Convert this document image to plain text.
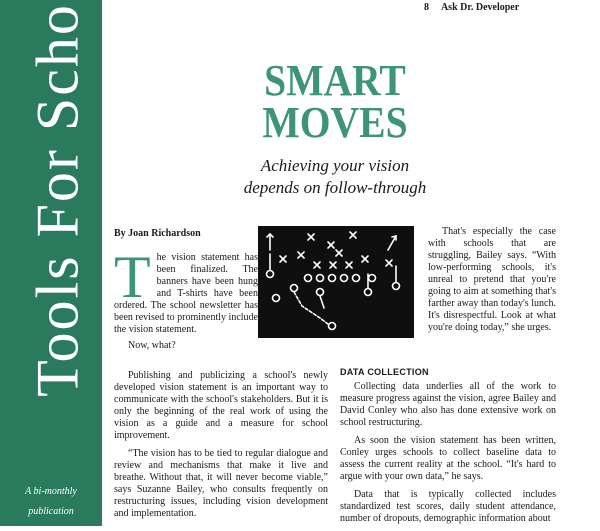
Tools For Scho
A bi-monthly
publication
8 Ask Dr. Developer
SMART
MOVES
Achieving your vision
depends on follow-through
By Joan Richardson

The vision statement has been finalized. The banners have been hung and T-shirts have been ordered. The school newsletter has been revised to prominently include the vision statement.

Now, what?

Publishing and publicizing a school's newly developed vision statement is an important way to communicate with the school's stakeholders. But it is only the beginning of the real work of using the vision as a guide and a measure for school improvement.

“The vision has to be tied to regular dialogue and review and mechanisms that make it live and breathe. Without that, it will never become viable,” says Suzanne Bailey, who consults frequently on restructuring issues, including vision development and implementation.

That's especially the case with schools that are struggling, Bailey says. “With low-performing schools, it's unreal to pretend that you're going to aim at something that's farther away than today's lunch. It's disrespectful. Look at what you're doing today,” she urges.

DATA COLLECTION

Collecting data underlies all of the work to measure progress against the vision, agree Bailey and David Conley who also has done extensive work on school restructuring.

As soon the vision statement has been written, Conley urges schools to collect baseline data to assess the current reality at the school. “It's hard to argue with your own data,” he says.

Data that is typically collected includes standardized test scores, daily student attendance, number of dropouts, demographic information about
